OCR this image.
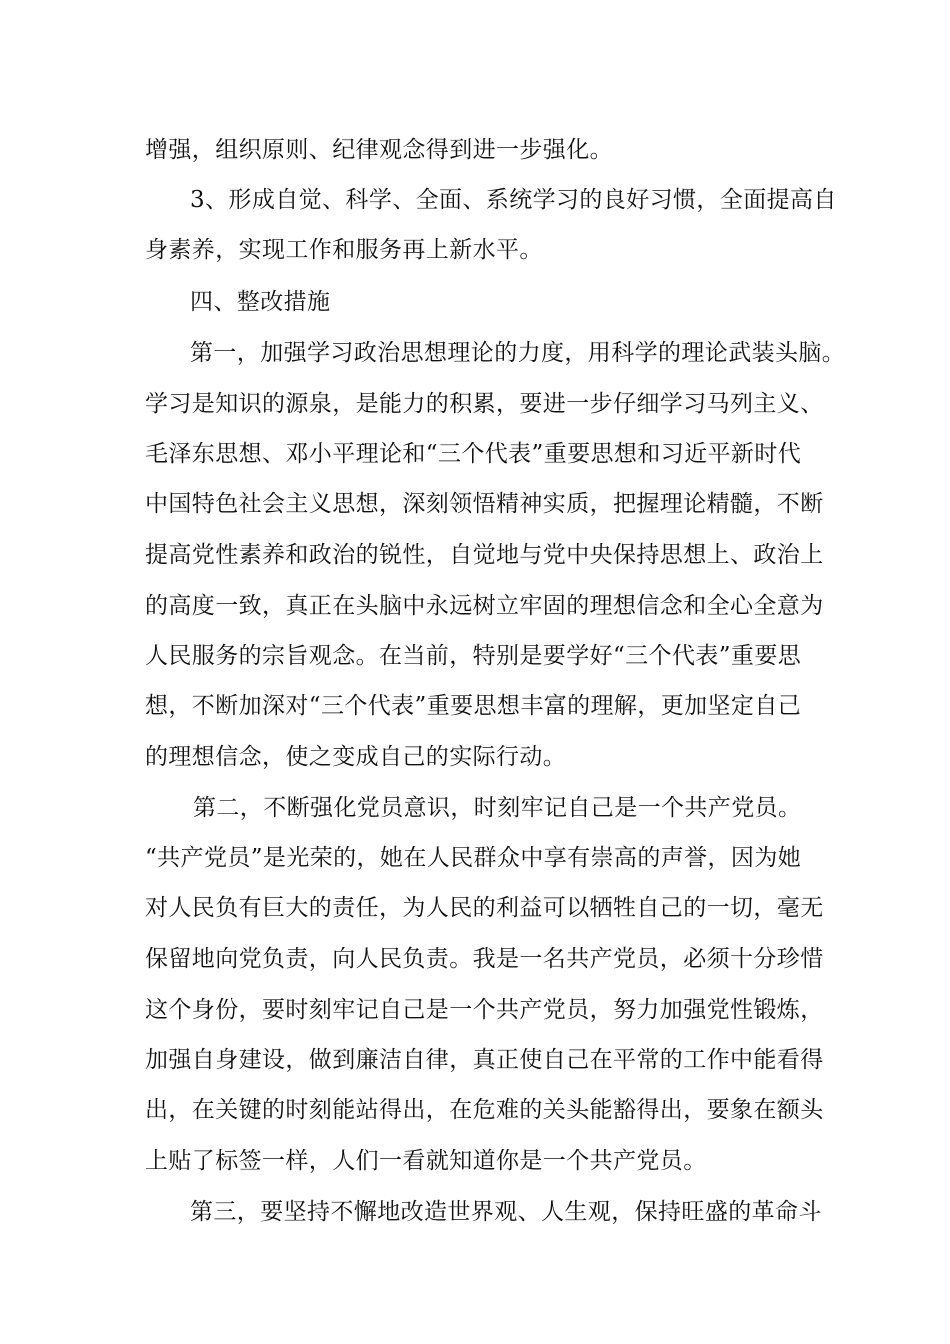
增强，组织原则、纪律观念得到进一步强化。
3、形成自觉、科学、全面、系统学习的良好习惯，全面提高自
身素养，实现工作和服务再上新水平。
四、整改措施
第一，加强学习政治思想理论的力度，用科学的理论武装头脑。
学习是知识的源泉，是能力的积累，要进一步仔细学习马列主义、
毛泽东思想、邓小平理论和“三个代表”重要思想和习近平新时代
中国特色社会主义思想，深刻领悟精神实质，把握理论精髓，不断
提高党性素养和政治的锐性，自觉地与党中央保持思想上、政治上
的高度一致，真正在头脑中永远树立牢固的理想信念和全心全意为
人民服务的宗旨观念。在当前，特别是要学好“三个代表”重要思
想，不断加深对“三个代表”重要思想丰富的理解，更加坚定自己
的理想信念，使之变成自己的实际行动。
第二，不断强化党员意识，时刻牢记自己是一个共产党员。
“共产党员”是光荣的，她在人民群众中享有崇高的声誉，因为她
对人民负有巨大的责任，为人民的利益可以牺牲自己的一切，毫无
保留地向党负责，向人民负责。我是一名共产党员，必须十分珍惜
这个身份，要时刻牢记自己是一个共产党员，努力加强党性锻炼，
加强自身建设，做到廉洁自律，真正使自己在平常的工作中能看得
出，在关键的时刻能站得出，在危难的关头能豁得出，要象在额头
上贴了标签一样，人们一看就知道你是一个共产党员。
第三，要坚持不懈地改造世界观、人生观，保持旺盛的革命斗
